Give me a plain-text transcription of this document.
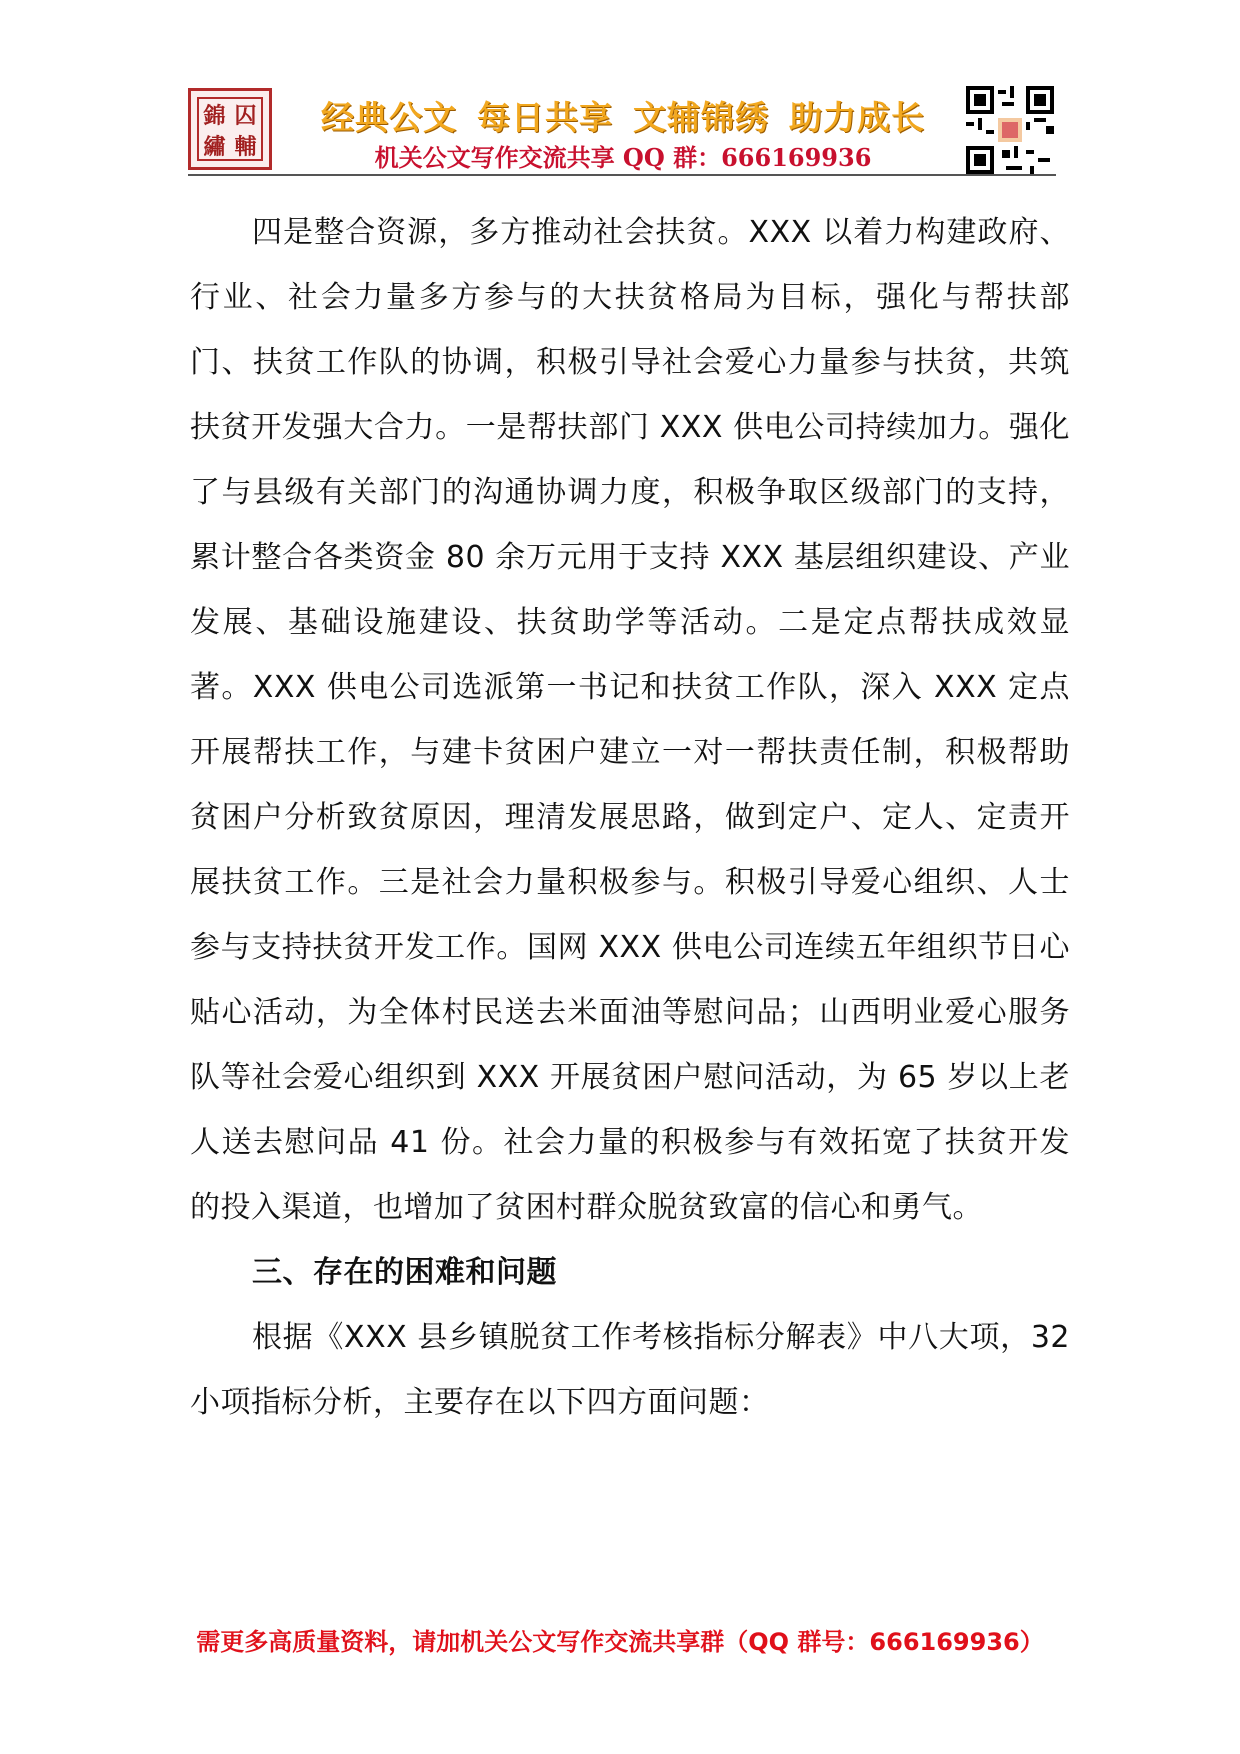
錦 囚
繡 輔
经典公文 每日共享 文辅锦绣 助力成长
机关公文写作交流共享 QQ 群：666169936

四是整合资源，多方推动社会扶贫。XXX 以着力构建政府、行业、社会力量多方参与的大扶贫格局为目标，强化与帮扶部门、扶贫工作队的协调，积极引导社会爱心力量参与扶贫，共筑扶贫开发强大合力。一是帮扶部门 XXX 供电公司持续加力。强化了与县级有关部门的沟通协调力度，积极争取区级部门的支持，累计整合各类资金 80 余万元用于支持 XXX 基层组织建设、产业发展、基础设施建设、扶贫助学等活动。二是定点帮扶成效显著。XXX 供电公司选派第一书记和扶贫工作队，深入 XXX 定点开展帮扶工作，与建卡贫困户建立一对一帮扶责任制，积极帮助贫困户分析致贫原因，理清发展思路，做到定户、定人、定责开展扶贫工作。三是社会力量积极参与。积极引导爱心组织、人士参与支持扶贫开发工作。国网 XXX 供电公司连续五年组织节日心贴心活动，为全体村民送去米面油等慰问品；山西明业爱心服务队等社会爱心组织到 XXX 开展贫困户慰问活动，为 65 岁以上老人送去慰问品 41 份。社会力量的积极参与有效拓宽了扶贫开发的投入渠道，也增加了贫困村群众脱贫致富的信心和勇气。

三、存在的困难和问题

根据《XXX 县乡镇脱贫工作考核指标分解表》中八大项，32 小项指标分析，主要存在以下四方面问题：

需更多高质量资料，请加机关公文写作交流共享群（QQ 群号：666169936）
